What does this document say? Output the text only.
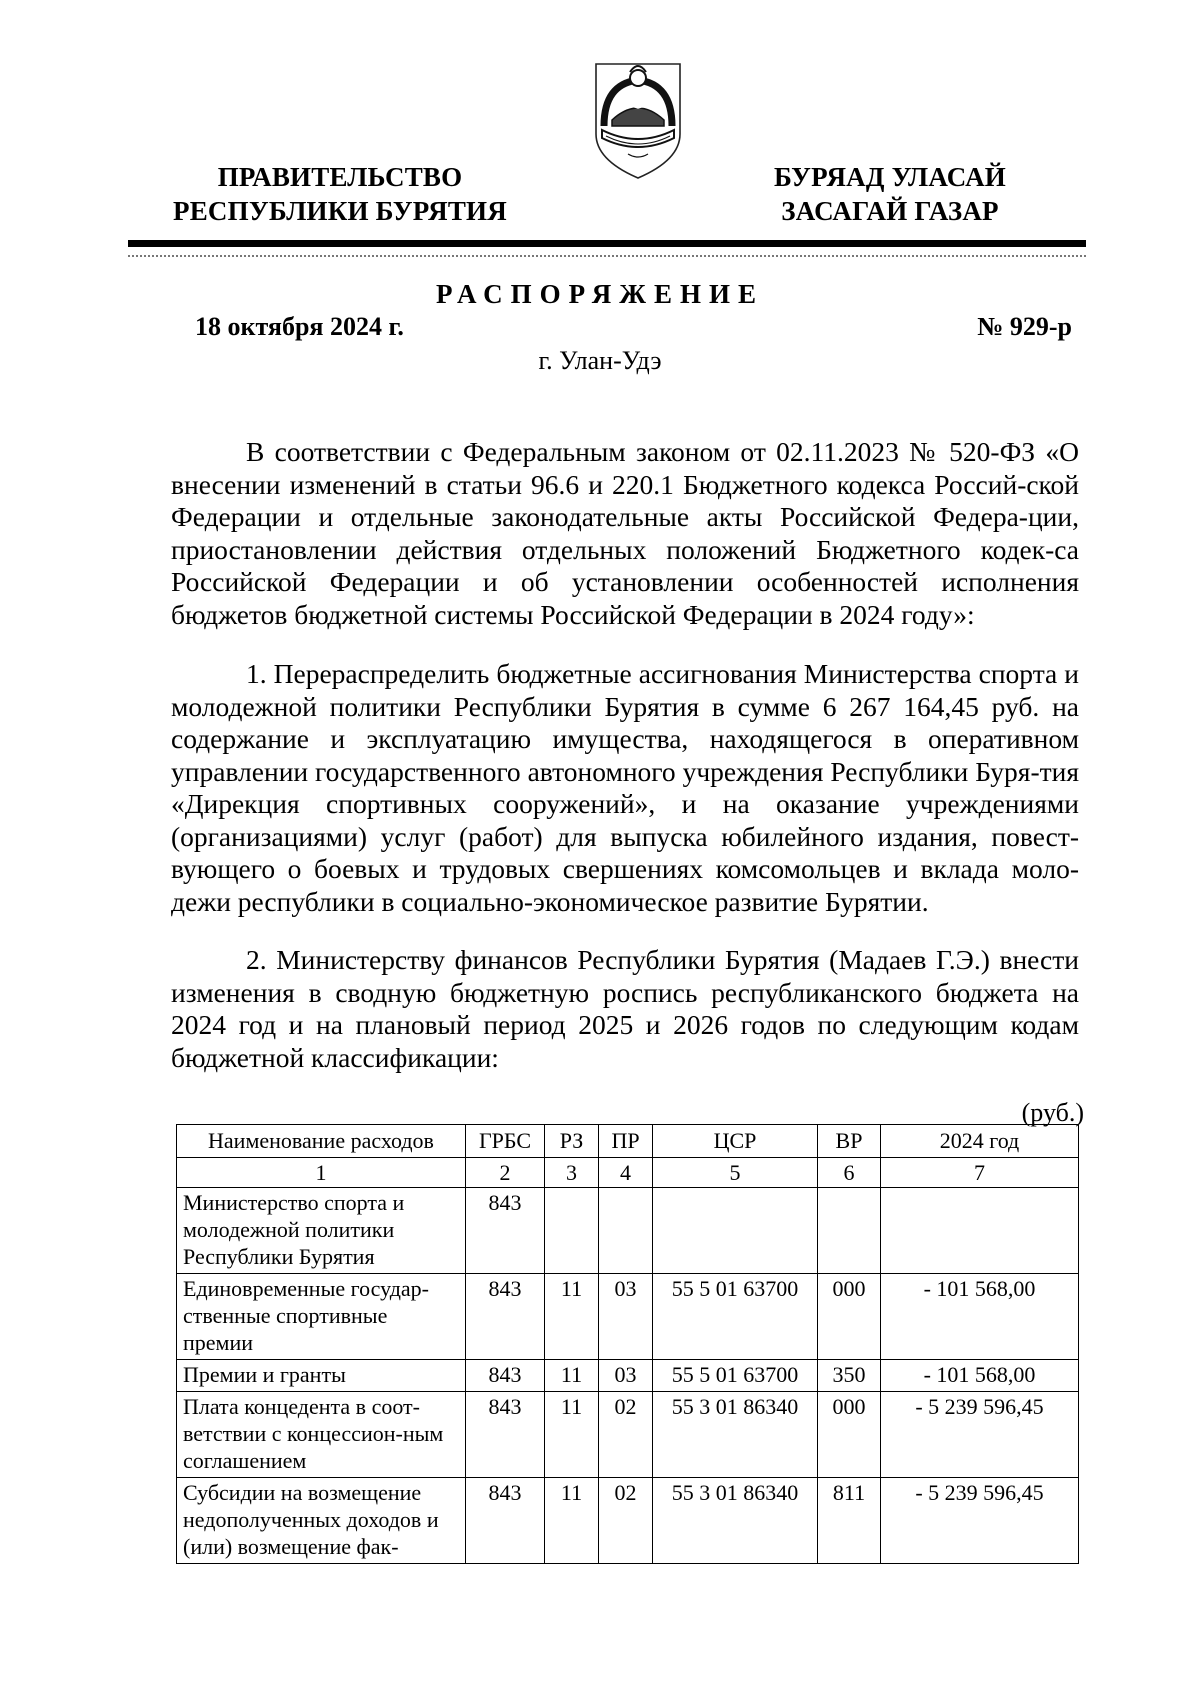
ПРАВИТЕЛЬСТВО
РЕСПУБЛИКИ БУРЯТИЯ
БУРЯАД УЛАСАЙ
ЗАСАГАЙ ГАЗАР
РАСПОРЯЖЕНИЕ
18 октября 2024 г.	№ 929-р
г. Улан-Удэ

В соответствии с Федеральным законом от 02.11.2023 № 520-ФЗ «О внесении изменений в статьи 96.6 и 220.1 Бюджетного кодекса Россий-ской Федерации и отдельные законодательные акты Российской Федера-ции, приостановлении действия отдельных положений Бюджетного кодек-са Российской Федерации и об установлении особенностей исполнения бюджетов бюджетной системы Российской Федерации в 2024 году»:

1. Перераспределить бюджетные ассигнования Министерства спорта и молодежной политики Республики Бурятия в сумме 6 267 164,45 руб. на содержание и эксплуатацию имущества, находящегося в оперативном управлении государственного автономного учреждения Республики Буря-тия «Дирекция спортивных сооружений», и на оказание учреждениями (организациями) услуг (работ) для выпуска юбилейного издания, повест-вующего о боевых и трудовых свершениях комсомольцев и вклада моло-дежи республики в социально-экономическое развитие Бурятии.

2. Министерству финансов Республики Бурятия (Мадаев Г.Э.) внести изменения в сводную бюджетную роспись республиканского бюджета на 2024 год и на плановый период 2025 и 2026 годов по следующим кодам бюджетной классификации:

(руб.)
Наименование расходов	ГРБС	РЗ	ПР	ЦСР	ВР	2024 год
1	2	3	4	5	6	7
Министерство спорта и молодежной политики Республики Бурятия	843					
Единовременные государ-ственные спортивные премии	843	11	03	55 5 01 63700	000	- 101 568,00
Премии и гранты	843	11	03	55 5 01 63700	350	- 101 568,00
Плата концедента в соот-ветствии с концессион-ным соглашением	843	11	02	55 3 01 86340	000	- 5 239 596,45
Субсидии на возмещение недополученных доходов и (или) возмещение фак-	843	11	02	55 3 01 86340	811	- 5 239 596,45
